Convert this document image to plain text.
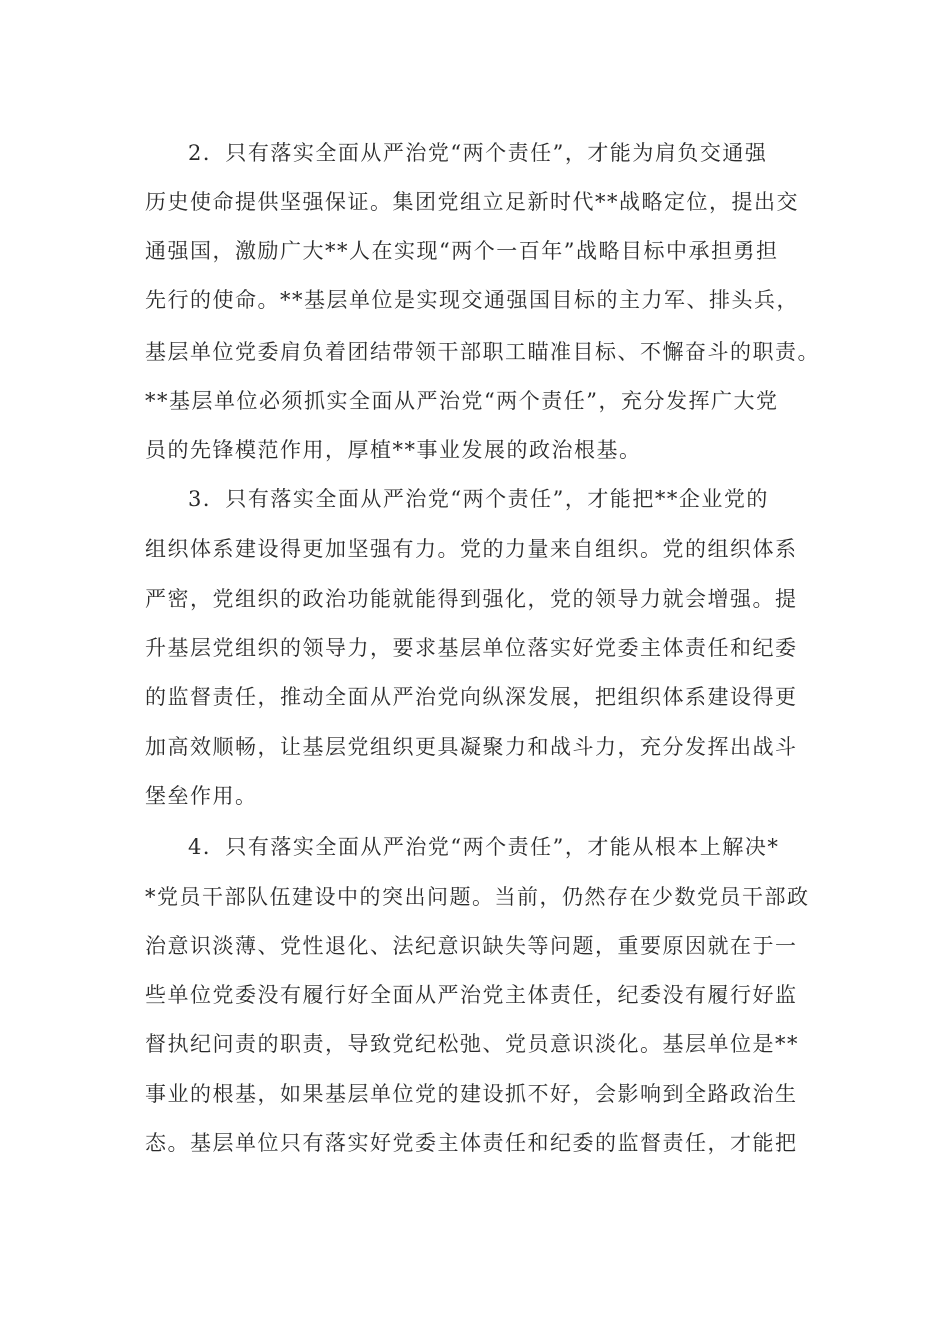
2．只有落实全面从严治党“两个责任”，才能为肩负交通强
历史使命提供坚强保证。集团党组立足新时代**战略定位，提出交
通强国，激励广大**人在实现“两个一百年”战略目标中承担勇担
先行的使命。**基层单位是实现交通强国目标的主力军、排头兵，
基层单位党委肩负着团结带领干部职工瞄准目标、不懈奋斗的职责。
**基层单位必须抓实全面从严治党“两个责任”，充分发挥广大党
员的先锋模范作用，厚植**事业发展的政治根基。
3．只有落实全面从严治党“两个责任”，才能把**企业党的
组织体系建设得更加坚强有力。党的力量来自组织。党的组织体系
严密，党组织的政治功能就能得到强化，党的领导力就会增强。提
升基层党组织的领导力，要求基层单位落实好党委主体责任和纪委
的监督责任，推动全面从严治党向纵深发展，把组织体系建设得更
加高效顺畅，让基层党组织更具凝聚力和战斗力，充分发挥出战斗
堡垒作用。
4．只有落实全面从严治党“两个责任”，才能从根本上解决*
*党员干部队伍建设中的突出问题。当前，仍然存在少数党员干部政
治意识淡薄、党性退化、法纪意识缺失等问题，重要原因就在于一
些单位党委没有履行好全面从严治党主体责任，纪委没有履行好监
督执纪问责的职责，导致党纪松弛、党员意识淡化。基层单位是**
事业的根基，如果基层单位党的建设抓不好，会影响到全路政治生
态。基层单位只有落实好党委主体责任和纪委的监督责任，才能把
